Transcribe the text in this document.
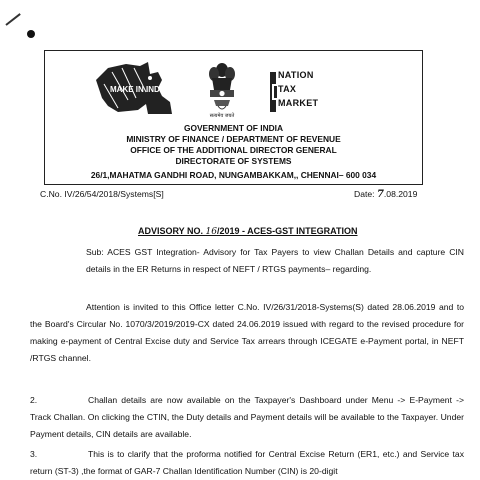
MAKE IN INDIA
सत्यमेव जयते
NATION
TAX
MARKET
GOVERNMENT OF INDIA
MINISTRY OF FINANCE / DEPARTMENT OF REVENUE
OFFICE OF THE ADDITIONAL DIRECTOR GENERAL
DIRECTORATE OF SYSTEMS
26/1,MAHATMA GANDHI ROAD, NUNGAMBAKKAM,, CHENNAI– 600 034
C.No. IV/26/54/2018/Systems[S]	Date: 7.08.2019
ADVISORY NO. 16/2019 - ACES-GST INTEGRATION
Sub: ACES GST Integration- Advisory for Tax Payers to view Challan Details and capture CIN details in the ER Returns in respect of NEFT / RTGS payments– regarding.
Attention is invited to this Office letter C.No. IV/26/31/2018-Systems(S) dated 28.06.2019 and to the Board's Circular No. 1070/3/2019/2019-CX dated 24.06.2019 issued with regard to the revised procedure for making e-payment of Central Excise duty and Service Tax arrears through ICEGATE e-Payment portal, in NEFT /RTGS channel.
2.	Challan details are now available on the Taxpayer's Dashboard under Menu -> E-Payment -> Track Challan. On clicking the CTIN, the Duty details and Payment details will be available to the Taxpayer. Under Payment details, CIN details are available.
3.	This is to clarify that the proforma notified for Central Excise Return (ER1, etc.) and Service tax return (ST-3) ,the format of GAR-7 Challan Identification Number (CIN) is 20-digit
